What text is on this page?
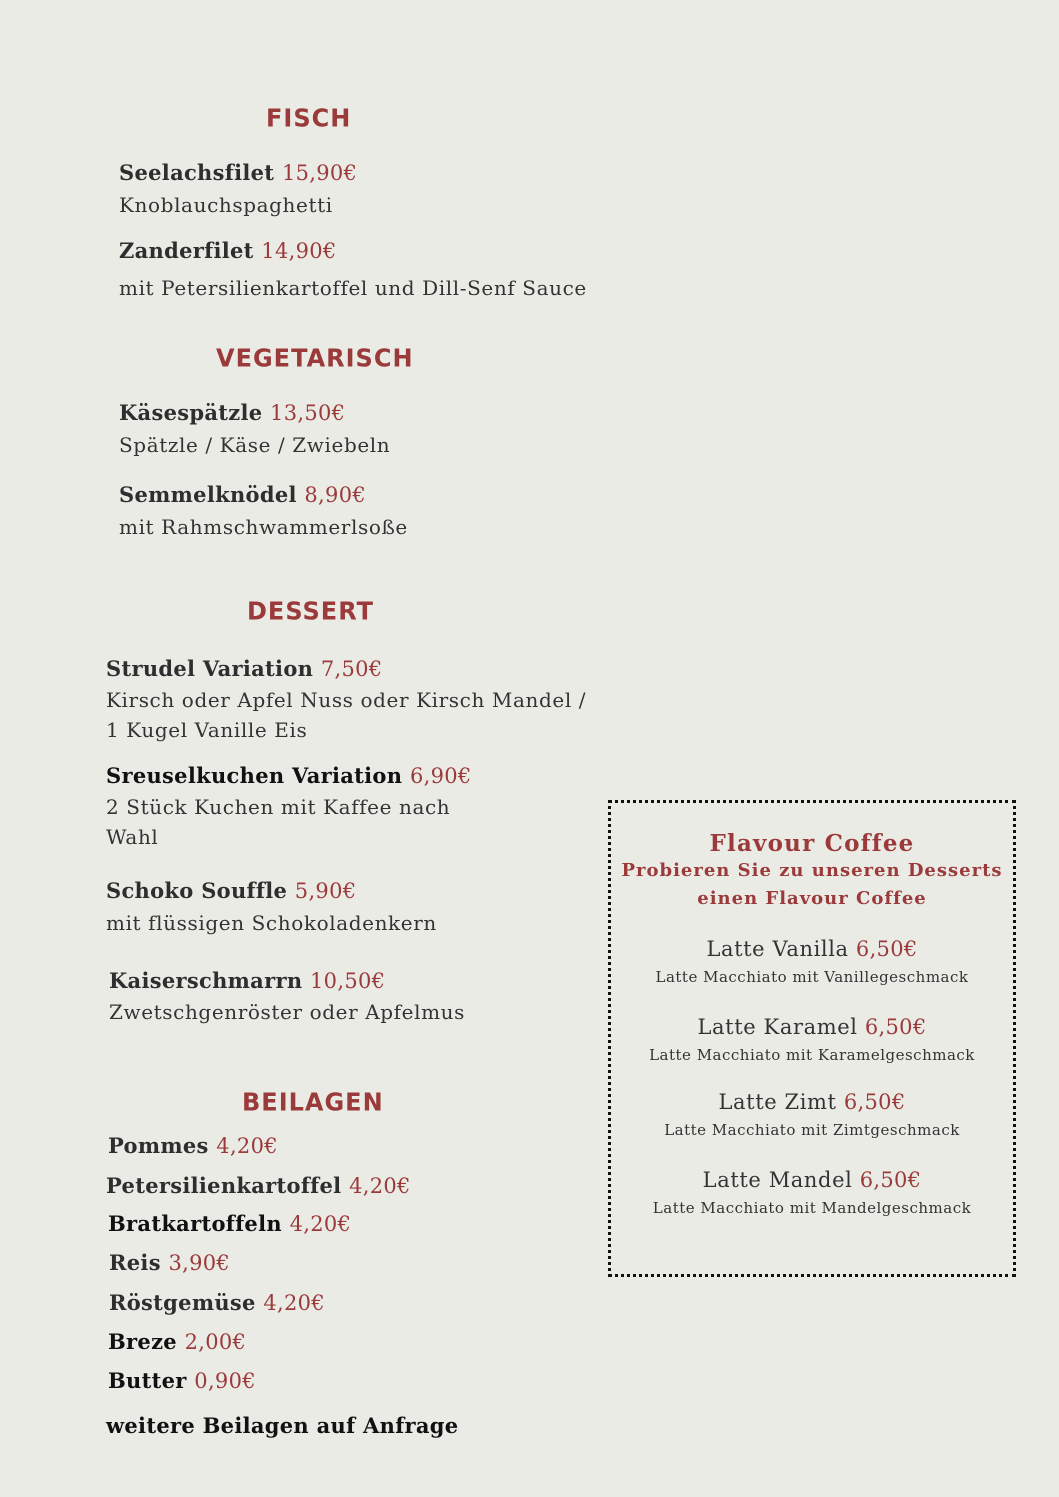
FISCH
Seelachsfilet 15,90€
Knoblauchspaghetti
Zanderfilet 14,90€
mit Petersilienkartoffel und Dill-Senf Sauce
VEGETARISCH
Käsespätzle 13,50€
Spätzle / Käse / Zwiebeln
Semmelknödel 8,90€
mit Rahmschwammerlsoße
DESSERT
Strudel Variation 7,50€
Kirsch oder Apfel Nuss oder Kirsch Mandel /
1 Kugel Vanille Eis
Sreuselkuchen Variation 6,90€
2 Stück Kuchen mit Kaffee nach
Wahl
Schoko Souffle 5,90€
mit flüssigen Schokoladenkern
Kaiserschmarrn 10,50€
Zwetschgenröster oder Apfelmus
BEILAGEN
Pommes 4,20€
Petersilienkartoffel 4,20€
Bratkartoffeln 4,20€
Reis 3,90€
Röstgemüse 4,20€
Breze 2,00€
Butter 0,90€
weitere Beilagen auf Anfrage
Flavour Coffee
Probieren Sie zu unseren Desserts
einen Flavour Coffee
Latte Vanilla 6,50€
Latte Macchiato mit Vanillegeschmack
Latte Karamel 6,50€
Latte Macchiato mit Karamelgeschmack
Latte Zimt 6,50€
Latte Macchiato mit Zimtgeschmack
Latte Mandel 6,50€
Latte Macchiato mit Mandelgeschmack
